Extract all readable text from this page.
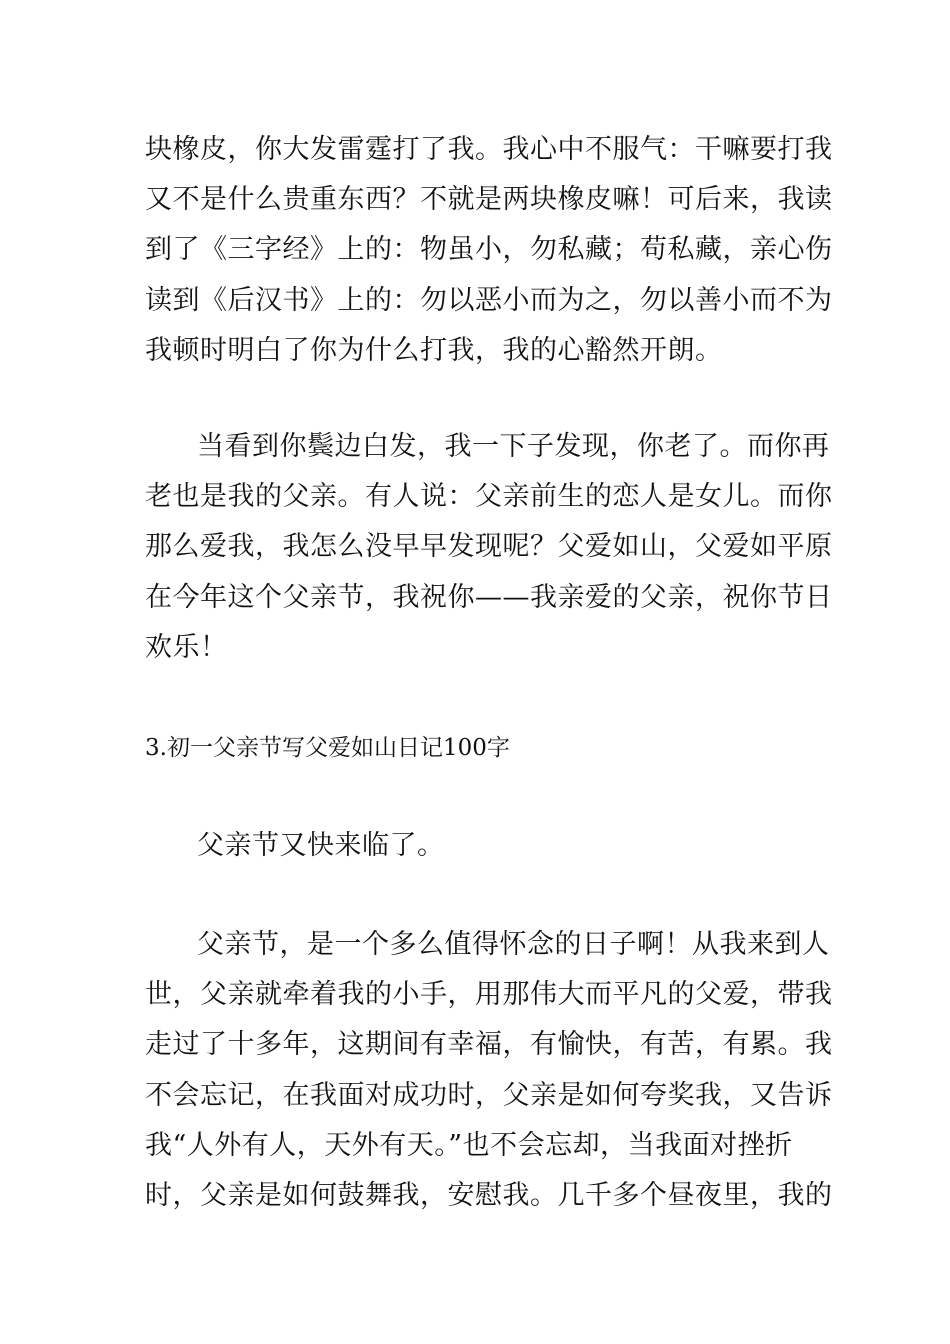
块橡皮，你大发雷霆打了我。我心中不服气：干嘛要打我
又不是什么贵重东西？不就是两块橡皮嘛！可后来，我读
到了《三字经》上的：物虽小，勿私藏；苟私藏，亲心伤
读到《后汉书》上的：勿以恶小而为之，勿以善小而不为
我顿时明白了你为什么打我，我的心豁然开朗。
当看到你鬓边白发，我一下子发现，你老了。而你再
老也是我的父亲。有人说：父亲前生的恋人是女儿。而你
那么爱我，我怎么没早早发现呢？父爱如山，父爱如平原
在今年这个父亲节，我祝你——我亲爱的父亲，祝你节日
欢乐！
3.初一父亲节写父爱如山日记100字
父亲节又快来临了。
父亲节，是一个多么值得怀念的日子啊！从我来到人
世，父亲就牵着我的小手，用那伟大而平凡的父爱，带我
走过了十多年，这期间有幸福，有愉快，有苦，有累。我
不会忘记，在我面对成功时，父亲是如何夸奖我，又告诉
我“人外有人，天外有天。”也不会忘却，当我面对挫折
时，父亲是如何鼓舞我，安慰我。几千多个昼夜里，我的
